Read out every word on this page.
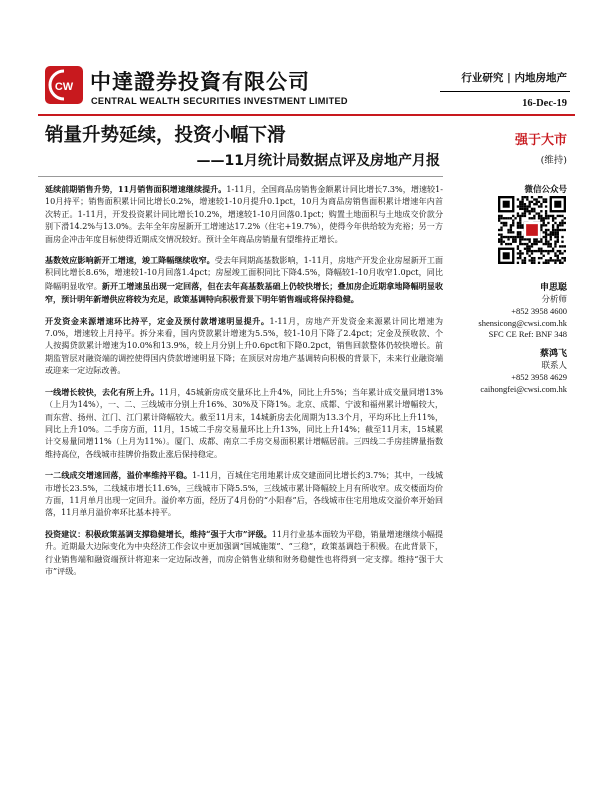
CW 中達證券投資有限公司
CENTRAL WEALTH SECURITIES INVESTMENT LIMITED
行业研究 | 内地房地产
16-Dec-19
销量升势延续，投资小幅下滑
——11月统计局数据点评及房地产月报
强于大市
(维持)

延续前期销售升势，11月销售面积增速继续提升。1-11月，全国商品房销售金额累计同比增长7.3%，增速较1-10月持平；销售面积累计同比增长0.2%，增速较1-10月提升0.1pct，10月为商品房销售面积累计增速年内首次转正。1-11月，开发投资累计同比增长10.2%，增速较1-10月回落0.1pct；购置土地面积与土地成交价款分别下滑14.2%与13.0%。去年全年房屋新开工增速达17.2%（住宅+19.7%），使得今年供给较为充裕；另一方面房企冲击年度目标使得近期成交情况较好。预计全年商品房销量有望维持正增长。

基数效应影响新开工增速，竣工降幅继续收窄。受去年同期高基数影响，1-11月，房地产开发企业房屋新开工面积同比增长8.6%，增速较1-10月回落1.4pct；房屋竣工面积同比下降4.5%，降幅较1-10月收窄1.0pct，同比降幅明显收窄。新开工增速虽出现一定回落，但在去年高基数基础上仍较快增长；叠加房企近期拿地降幅明显收窄，预计明年新增供应将较为充足，政策基调特向积极背景下明年销售端或将保持稳健。

开发资金来源增速环比持平，定金及预付款增速明显提升。1-11月，房地产开发资金来源累计同比增速为7.0%，增速较上月持平。拆分来看，国内贷款累计增速为5.5%，较1-10月下降了2.4pct；定金及预收款、个人按揭贷款累计增速为10.0%和13.9%，较上月分别上升0.6pct和下降0.2pct，销售回款整体仍较快增长。前期监管层对融资端的调控使得国内贷款增速明显下降；在顶层对房地产基调转向积极的背景下，未来行业融资端或迎来一定边际改善。

一线增长较快，去化有所上升。11月，45城新房成交量环比上升4%，同比上升5%；当年累计成交量同增13%（上月为14%），一、二、三线城市分别上升16%、30%及下降1%。北京、成都、宁波和福州累计增幅较大，而东营、扬州、江门、江门累计降幅较大。截至11月末，14城新房去化周期为13.3个月，平均环比上升11%，同比上升10%。二手房方面，11月，15城二手房交易量环比上升13%，同比上升14%；截至11月末，15城累计交易量同增11%（上月为11%）。厦门、成都、南京二手房交易面积累计增幅居前。三四线二手房挂牌量指数维持高位，各线城市挂牌价指数止涨后保持稳定。

一二线成交增速回落，溢价率维持平稳。1-11月，百城住宅用地累计成交建面同比增长约3.7%；其中，一线城市增长23.5%，二线城市增长11.6%，三线城市下降5.5%，三线城市累计降幅较上月有所收窄。成交楼面均价方面，11月单月出现一定回升。溢价率方面，经历了4月份的“小阳春”后，各线城市住宅用地成交溢价率开始回落，11月单月溢价率环比基本持平。

投资建议：积极政策基调支撑稳健增长，维持“强于大市”评级。11月行业基本面较为平稳，销量增速继续小幅提升。近期最大边际变化为中央经济工作会议中更加强调“国城施策”、“三稳”，政策基调趋于积极。在此背景下，行业销售端和融资端预计将迎来一定边际改善，而房企销售业绩和财务稳健性也将得到一定支撑。维持“强于大市”评级。

微信公众号
申思聪
分析师
+852 3958 4600
shensicong@cwsi.com.hk
SFC CE Ref: BNF 348
蔡鸿飞
联系人
+852 3958 4629
caihongfei@cwsi.com.hk
